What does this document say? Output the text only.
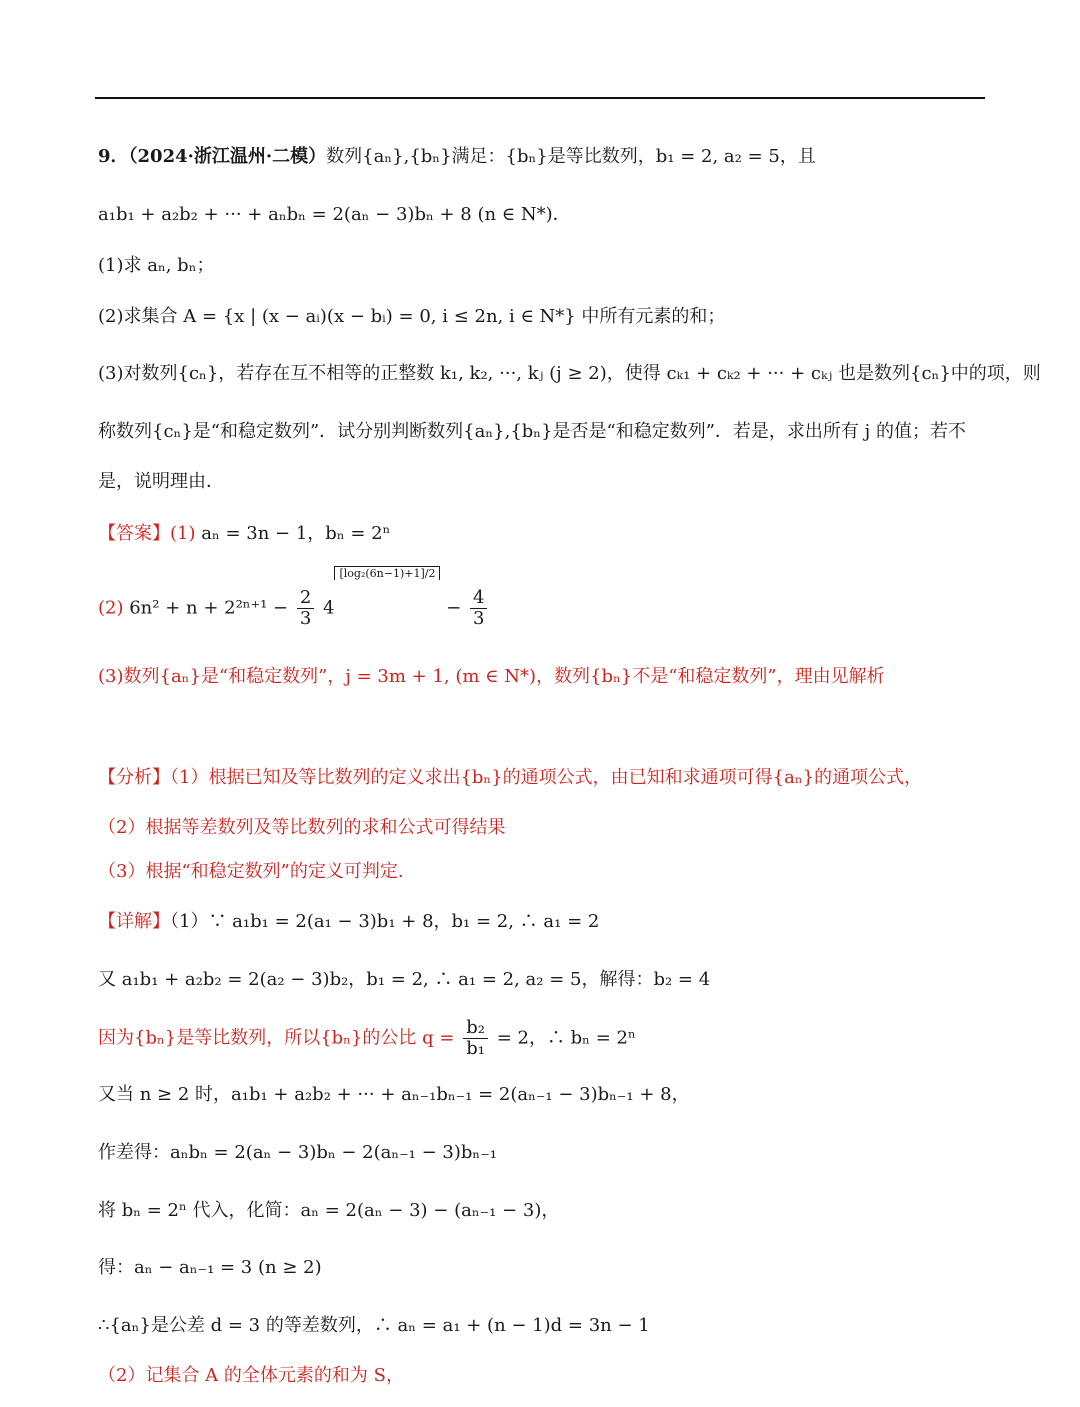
9．（2024·浙江温州·二模）数列{aₙ},{bₙ}满足：{bₙ}是等比数列，b₁ = 2, a₂ = 5，且
a₁b₁ + a₂b₂ + ··· + aₙbₙ = 2(aₙ − 3)bₙ + 8 (n ∈ N*)．
(1)求 aₙ, bₙ；
(2)求集合 A = {x | (x − aᵢ)(x − bᵢ) = 0, i ≤ 2n, i ∈ N*} 中所有元素的和；
(3)对数列{cₙ}，若存在互不相等的正整数 k₁, k₂, ···, kⱼ (j ≥ 2)，使得 cₖ₁ + cₖ₂ + ··· + cₖⱼ 也是数列{cₙ}中的项，则
称数列{cₙ}是“和稳定数列”．试分别判断数列{aₙ},{bₙ}是否是“和稳定数列”．若是，求出所有 j 的值；若不
是，说明理由．
【答案】(1) aₙ = 3n − 1，bₙ = 2ⁿ
(2) $6n^2 + n + 2^{2n+1} - \frac{2}{3} 4[\log_2(6n-1)+1]/2 - \frac{4}{3}$
(3)数列{aₙ}是“和稳定数列”，j = 3m + 1, (m ∈ N*)，数列{bₙ}不是“和稳定数列”，理由见解析
【分析】（1）根据已知及等比数列的定义求出{bₙ}的通项公式，由已知和求通项可得{aₙ}的通项公式，
（2）根据等差数列及等比数列的求和公式可得结果
（3）根据“和稳定数列”的定义可判定.
【详解】（1）∵ a₁b₁ = 2(a₁ − 3)b₁ + 8，b₁ = 2, ∴ a₁ = 2
又 a₁b₁ + a₂b₂ = 2(a₂ − 3)b₂，b₁ = 2, ∴ a₁ = 2, a₂ = 5，解得：b₂ = 4
因为{bₙ}是等比数列，所以{bₙ}的公比 $q = \frac{\text{b₂}}{\text{b₁}} = 2$，∴ bₙ = 2ⁿ
又当 n ≥ 2 时，a₁b₁ + a₂b₂ + ··· + aₙ₋₁bₙ₋₁ = 2(aₙ₋₁ − 3)bₙ₋₁ + 8，
作差得：aₙbₙ = 2(aₙ − 3)bₙ − 2(aₙ₋₁ − 3)bₙ₋₁
将 bₙ = 2ⁿ 代入，化简：aₙ = 2(aₙ − 3) − (aₙ₋₁ − 3)，
得：aₙ − aₙ₋₁ = 3 (n ≥ 2)
∴{aₙ}是公差 d = 3 的等差数列，∴ aₙ = a₁ + (n − 1)d = 3n − 1
（2）记集合 A 的全体元素的和为 S，
